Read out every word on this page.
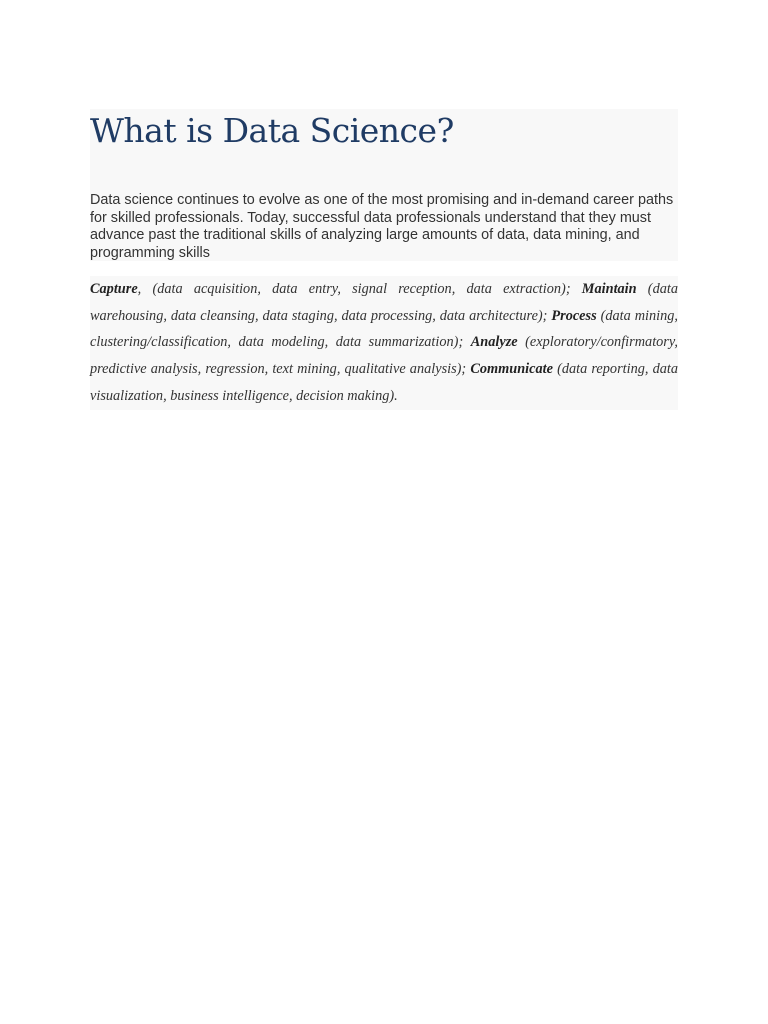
What is Data Science?

Data science continues to evolve as one of the most promising and in-demand career paths for skilled professionals. Today, successful data professionals understand that they must advance past the traditional skills of analyzing large amounts of data, data mining, and programming skills

Capture, (data acquisition, data entry, signal reception, data extraction); Maintain (data warehousing, data cleansing, data staging, data processing, data architecture); Process (data mining, clustering/classification, data modeling, data summarization); Analyze (exploratory/confirmatory, predictive analysis, regression, text mining, qualitative analysis); Communicate (data reporting, data visualization, business intelligence, decision making).
